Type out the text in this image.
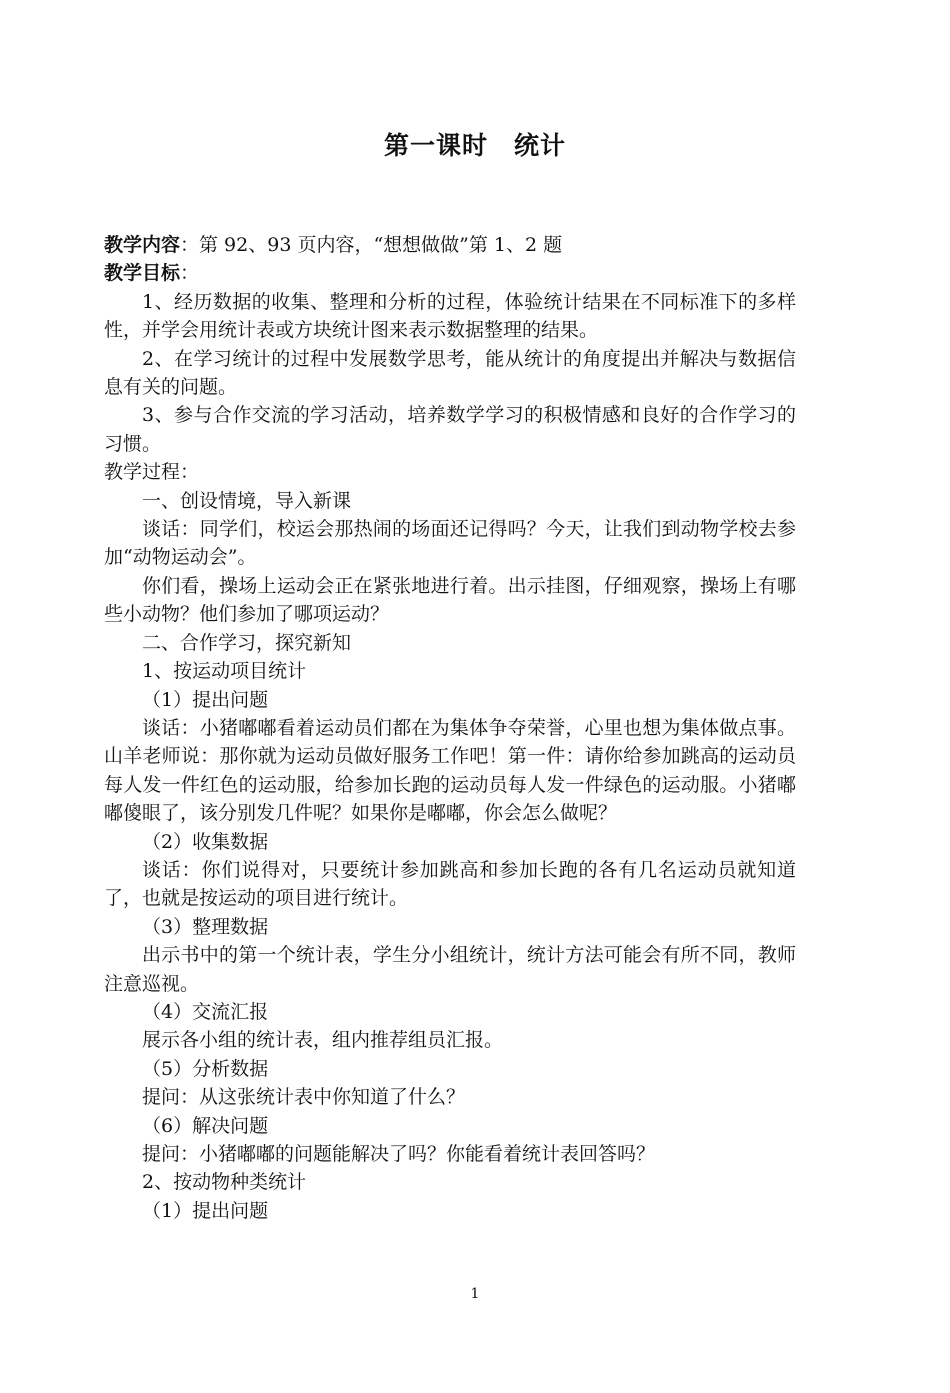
第一课时 统计

教学内容：第 92、93 页内容，“想想做做”第 1、2 题

教学目标：

1、经历数据的收集、整理和分析的过程，体验统计结果在不同标准下的多样性，并学会用统计表或方块统计图来表示数据整理的结果。

2、在学习统计的过程中发展数学思考，能从统计的角度提出并解决与数据信息有关的问题。

3、参与合作交流的学习活动，培养数学学习的积极情感和良好的合作学习的习惯。

教学过程：

一、创设情境，导入新课

谈话：同学们，校运会那热闹的场面还记得吗？今天，让我们到动物学校去参加“动物运动会”。

你们看，操场上运动会正在紧张地进行着。出示挂图，仔细观察，操场上有哪些小动物？他们参加了哪项运动？

二、合作学习，探究新知

1、按运动项目统计

（1）提出问题

谈话：小猪嘟嘟看着运动员们都在为集体争夺荣誉，心里也想为集体做点事。山羊老师说：那你就为运动员做好服务工作吧！第一件：请你给参加跳高的运动员每人发一件红色的运动服，给参加长跑的运动员每人发一件绿色的运动服。小猪嘟嘟傻眼了，该分别发几件呢？如果你是嘟嘟，你会怎么做呢？

（2）收集数据

谈话：你们说得对，只要统计参加跳高和参加长跑的各有几名运动员就知道了，也就是按运动的项目进行统计。

（3）整理数据

出示书中的第一个统计表，学生分小组统计，统计方法可能会有所不同，教师注意巡视。

（4）交流汇报

展示各小组的统计表，组内推荐组员汇报。

（5）分析数据

提问：从这张统计表中你知道了什么？

（6）解决问题

提问：小猪嘟嘟的问题能解决了吗？你能看着统计表回答吗？

2、按动物种类统计

（1）提出问题

1
